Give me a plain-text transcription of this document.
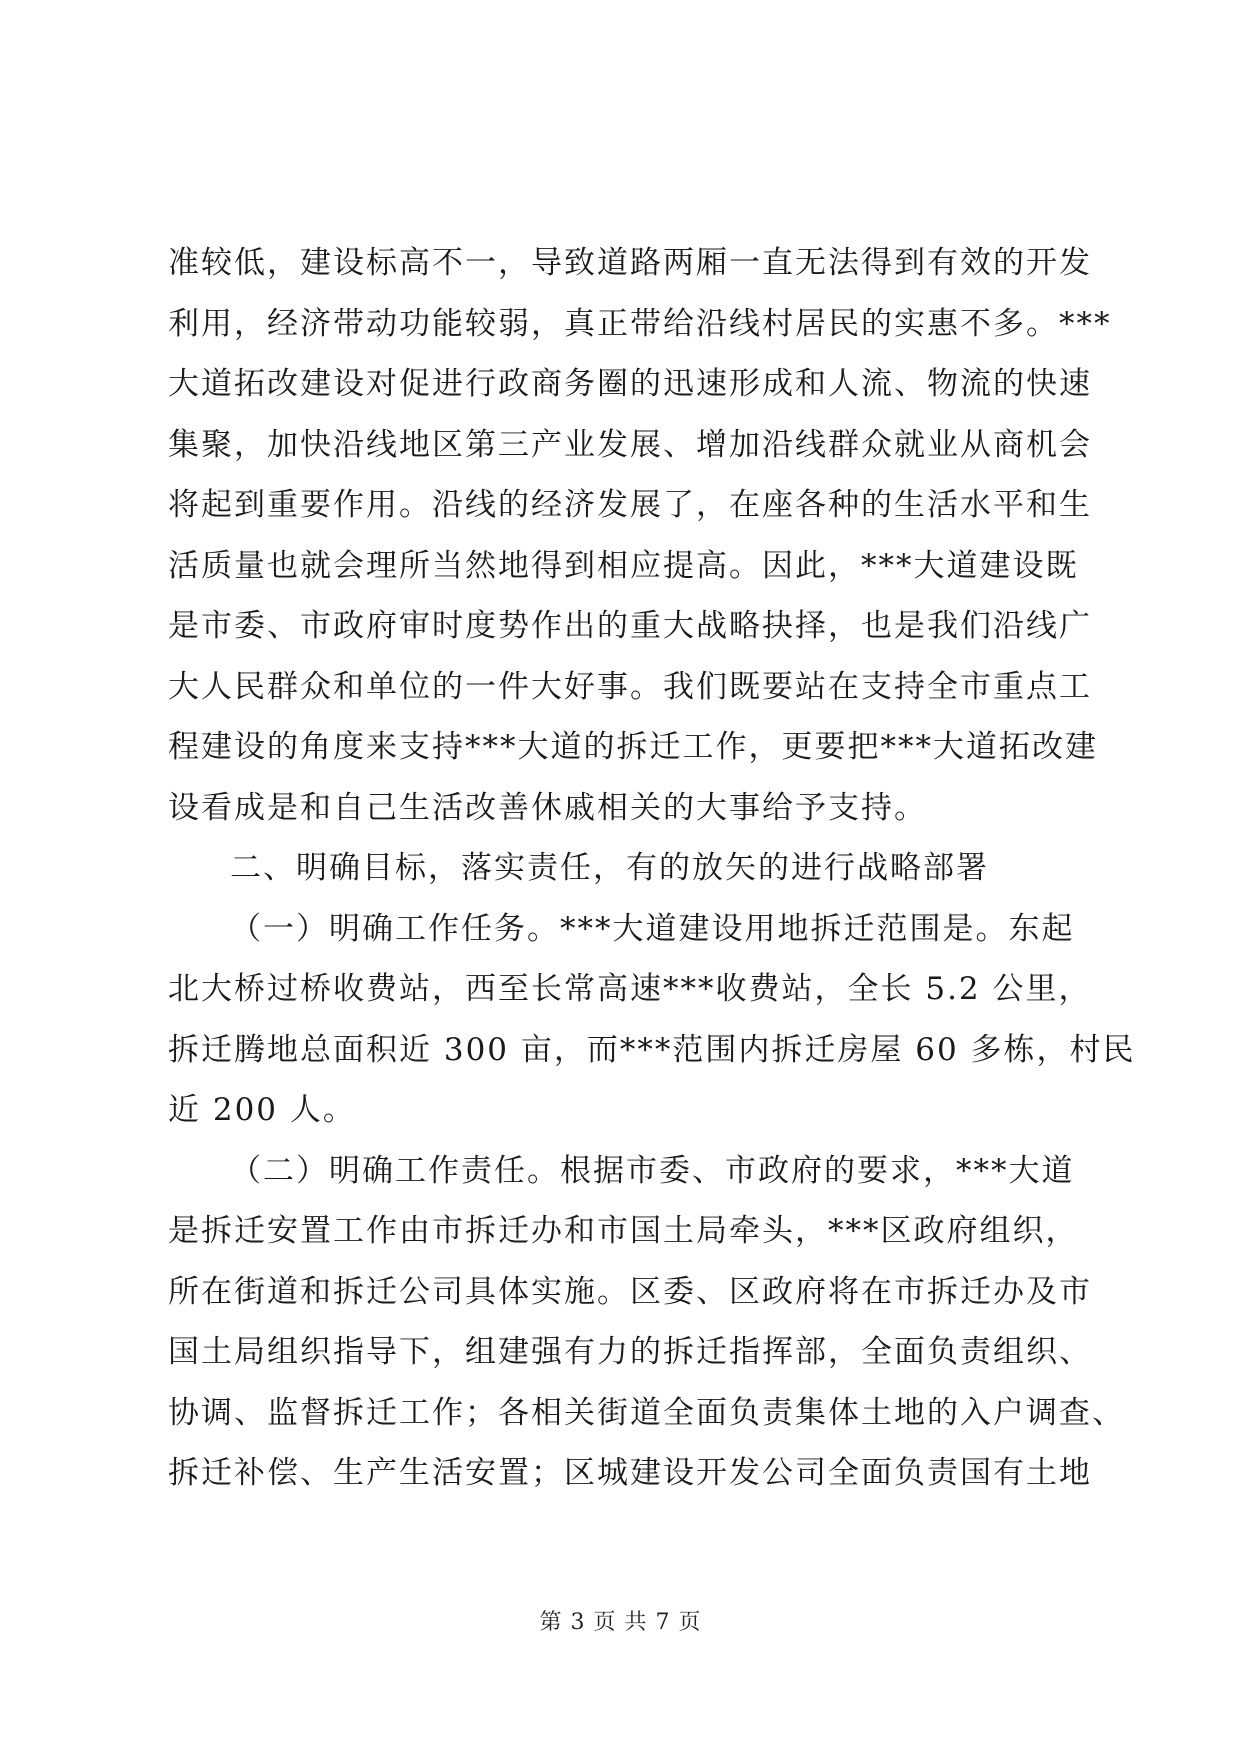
准较低，建设标高不一，导致道路两厢一直无法得到有效的开发
利用，经济带动功能较弱，真正带给沿线村居民的实惠不多。***
大道拓改建设对促进行政商务圈的迅速形成和人流、物流的快速
集聚，加快沿线地区第三产业发展、增加沿线群众就业从商机会
将起到重要作用。沿线的经济发展了，在座各种的生活水平和生
活质量也就会理所当然地得到相应提高。因此，***大道建设既
是市委、市政府审时度势作出的重大战略抉择，也是我们沿线广
大人民群众和单位的一件大好事。我们既要站在支持全市重点工
程建设的角度来支持***大道的拆迁工作，更要把***大道拓改建
设看成是和自己生活改善休戚相关的大事给予支持。
二、明确目标，落实责任，有的放矢的进行战略部署
（一）明确工作任务。***大道建设用地拆迁范围是。东起
北大桥过桥收费站，西至长常高速***收费站，全长 5.2 公里，
拆迁腾地总面积近 300 亩，而***范围内拆迁房屋 60 多栋，村民
近 200 人。
（二）明确工作责任。根据市委、市政府的要求，***大道
是拆迁安置工作由市拆迁办和市国土局牵头，***区政府组织，
所在街道和拆迁公司具体实施。区委、区政府将在市拆迁办及市
国土局组织指导下，组建强有力的拆迁指挥部，全面负责组织、
协调、监督拆迁工作；各相关街道全面负责集体土地的入户调查、
拆迁补偿、生产生活安置；区城建设开发公司全面负责国有土地
第 3 页 共 7 页
